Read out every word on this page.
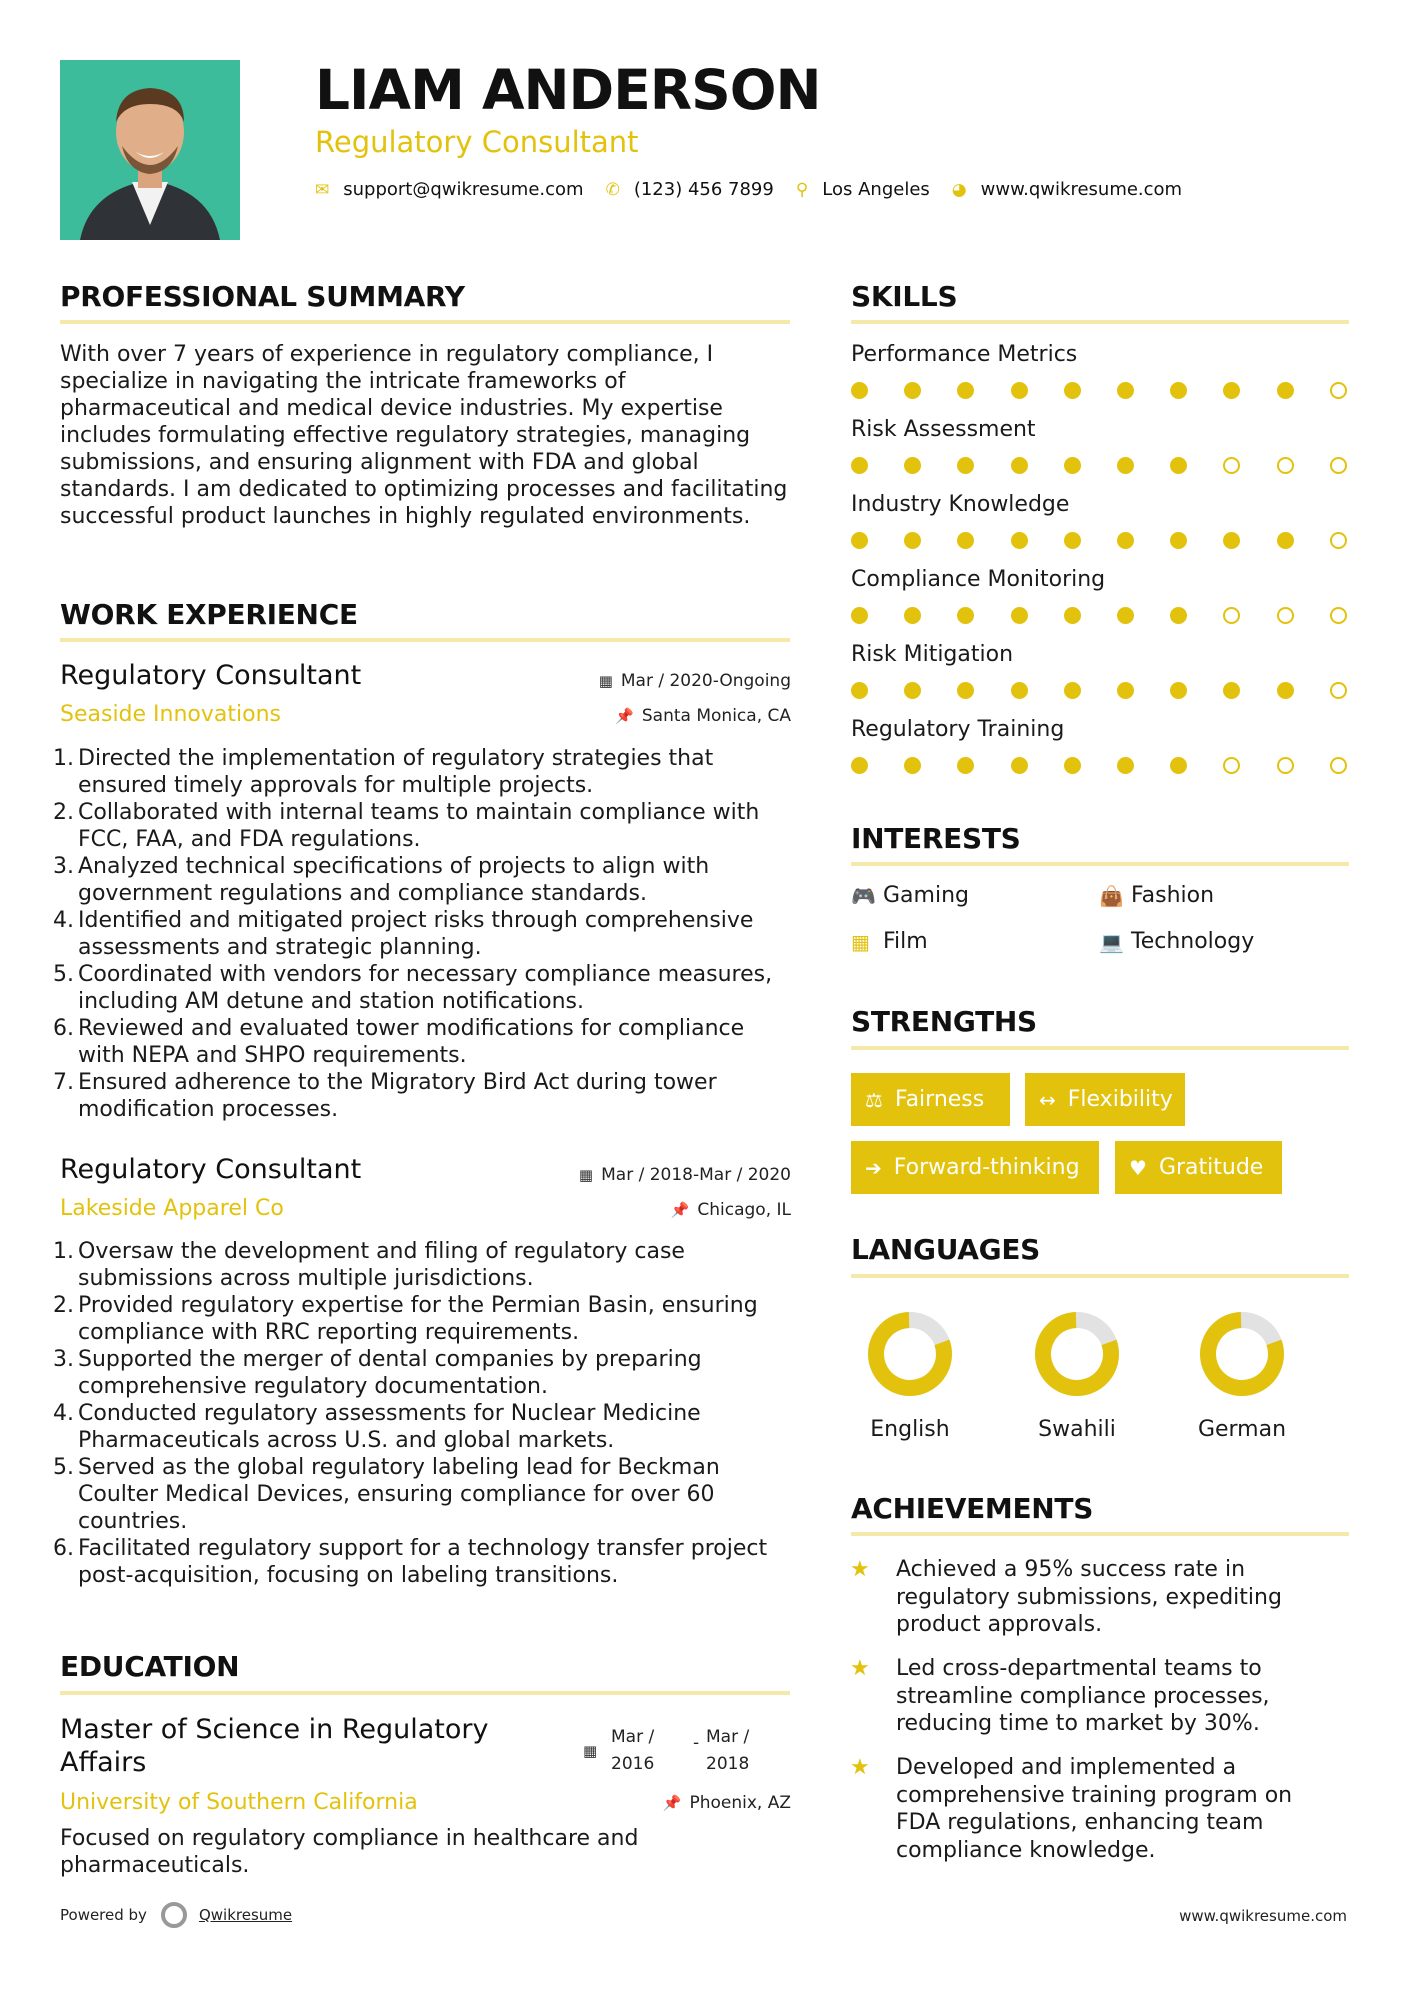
LIAM ANDERSON
Regulatory Consultant
✉ support@qwikresume.com ✆ (123) 456 7899 ⚲ Los Angeles ◕ www.qwikresume.com
PROFESSIONAL SUMMARY
With over 7 years of experience in regulatory compliance, I specialize in navigating the intricate frameworks of pharmaceutical and medical device industries. My expertise includes formulating effective regulatory strategies, managing submissions, and ensuring alignment with FDA and global standards. I am dedicated to optimizing processes and facilitating successful product launches in highly regulated environments.
WORK EXPERIENCE
Regulatory Consultant	▦ Mar / 2020-Ongoing
Seaside Innovations	📌 Santa Monica, CA
1. Directed the implementation of regulatory strategies that ensured timely approvals for multiple projects.
2. Collaborated with internal teams to maintain compliance with FCC, FAA, and FDA regulations.
3. Analyzed technical specifications of projects to align with government regulations and compliance standards.
4. Identified and mitigated project risks through comprehensive assessments and strategic planning.
5. Coordinated with vendors for necessary compliance measures, including AM detune and station notifications.
6. Reviewed and evaluated tower modifications for compliance with NEPA and SHPO requirements.
7. Ensured adherence to the Migratory Bird Act during tower modification processes.
Regulatory Consultant	▦ Mar / 2018-Mar / 2020
Lakeside Apparel Co	📌 Chicago, IL
1. Oversaw the development and filing of regulatory case submissions across multiple jurisdictions.
2. Provided regulatory expertise for the Permian Basin, ensuring compliance with RRC reporting requirements.
3. Supported the merger of dental companies by preparing comprehensive regulatory documentation.
4. Conducted regulatory assessments for Nuclear Medicine Pharmaceuticals across U.S. and global markets.
5. Served as the global regulatory labeling lead for Beckman Coulter Medical Devices, ensuring compliance for over 60 countries.
6. Facilitated regulatory support for a technology transfer project post-acquisition, focusing on labeling transitions.
EDUCATION
Master of Science in Regulatory
Affairs	▦
Mar /
2016
- Mar /
2018
University of Southern California	📌 Phoenix, AZ
Focused on regulatory compliance in healthcare and pharmaceuticals.
SKILLS
Performance Metrics
Risk Assessment
Industry Knowledge
Compliance Monitoring
Risk Mitigation
Regulatory Training
INTERESTS
🎮 Gaming	👜 Fashion
▦ Film	💻 Technology
STRENGTHS
⚖ Fairness	↔ Flexibility
➔ Forward-thinking ♥ Gratitude
LANGUAGES
English	Swahili	German
ACHIEVEMENTS
★ Achieved a 95% success rate in regulatory submissions, expediting product approvals.
★ Led cross-departmental teams to streamline compliance processes, reducing time to market by 30%.
★ Developed and implemented a comprehensive training program on FDA regulations, enhancing team compliance knowledge.
Powered by	Qwikresume	www.qwikresume.com
